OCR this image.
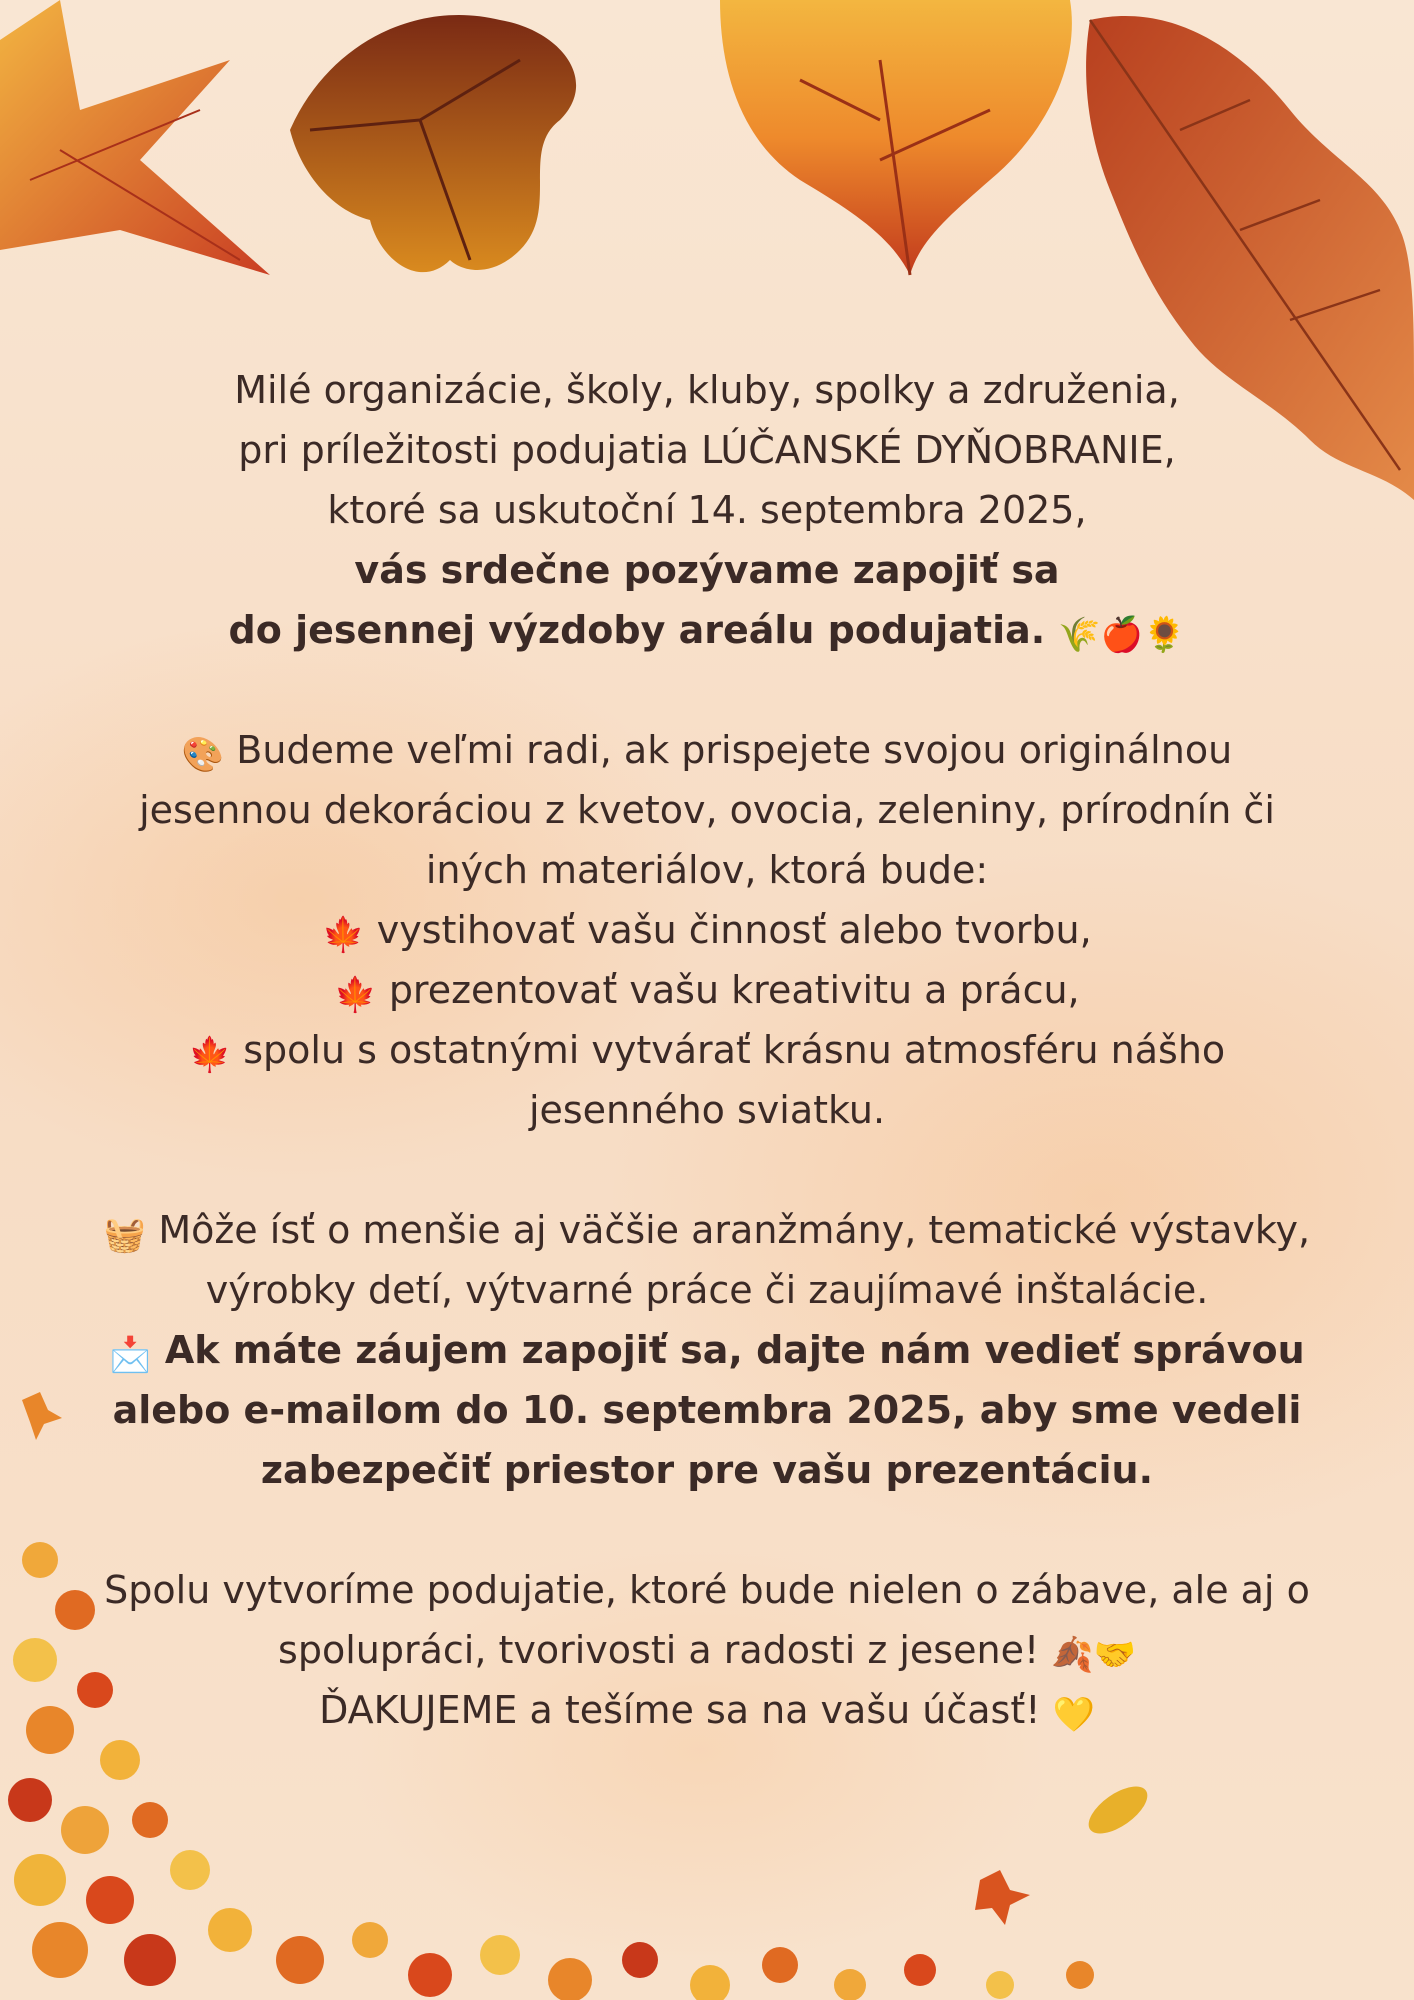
Milé organizácie, školy, kluby, spolky a združenia,

pri príležitosti podujatia LÚČANSKÉ DYŇOBRANIE,

ktoré sa uskutoční 14. septembra 2025,

vás srdečne pozývame zapojiť sa

do jesennej výzdoby areálu podujatia. 🌾🍎🌻

🎨 Budeme veľmi radi, ak prispejete svojou originálnou

jesennou dekoráciou z kvetov, ovocia, zeleniny, prírodnín či

iných materiálov, ktorá bude:

🍁 vystihovať vašu činnosť alebo tvorbu,

🍁 prezentovať vašu kreativitu a prácu,

🍁 spolu s ostatnými vytvárať krásnu atmosféru nášho

jesenného sviatku.

🧺 Môže ísť o menšie aj väčšie aranžmány, tematické výstavky,

výrobky detí, výtvarné práce či zaujímavé inštalácie.

📩 Ak máte záujem zapojiť sa, dajte nám vedieť správou

alebo e-mailom do 10. septembra 2025, aby sme vedeli

zabezpečiť priestor pre vašu prezentáciu.

Spolu vytvoríme podujatie, ktoré bude nielen o zábave, ale aj o

spolupráci, tvorivosti a radosti z jesene! 🍂🤝

ĎAKUJEME a tešíme sa na vašu účasť! 💛
